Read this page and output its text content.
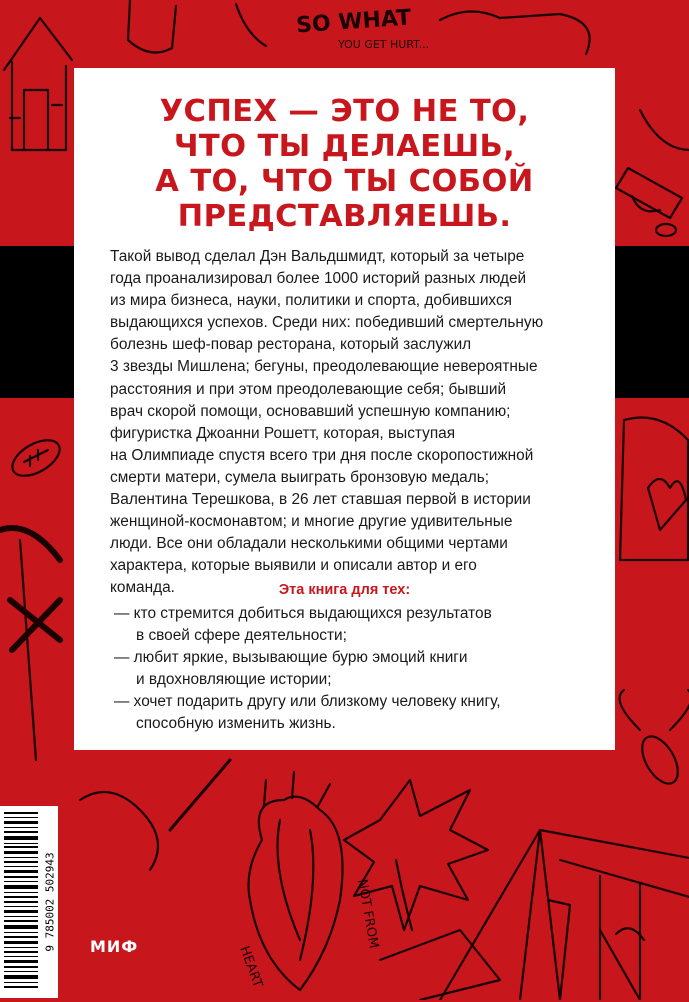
SO WHAT
YOU GET HURT...
HEART
NOT FROM
УСПЕХ — ЭТО НЕ ТО,
ЧТО ТЫ ДЕЛАЕШЬ,
А ТО, ЧТО ТЫ СОБОЙ
ПРЕДСТАВЛЯЕШЬ.
Такой вывод сделал Дэн Вальдшмидт, который за четыре
года проанализировал более 1000 историй разных людей
из мира бизнеса, науки, политики и спорта, добившихся
выдающихся успехов. Среди них: победивший смертельную
болезнь шеф-повар ресторана, который заслужил
3 звезды Мишлена; бегуны, преодолевающие невероятные
расстояния и при этом преодолевающие себя; бывший
врач скорой помощи, основавший успешную компанию;
фигуристка Джоанни Рошетт, которая, выступая
на Олимпиаде спустя всего три дня после скоропостижной
смерти матери, сумела выиграть бронзовую медаль;
Валентина Терешкова, в 26 лет ставшая первой в истории
женщиной-космонавтом; и многие другие удивительные
люди. Все они обладали несколькими общими чертами
характера, которые выявили и описали автор и его
команда.	Эта книга для тех:
— кто стремится добиться выдающихся результатов
в своей сфере деятельности;
— любит яркие, вызывающие бурю эмоций книги
и вдохновляющие истории;
— хочет подарить другу или близкому человеку книгу,
способную изменить жизнь.
9 785002 502943 МИФ
